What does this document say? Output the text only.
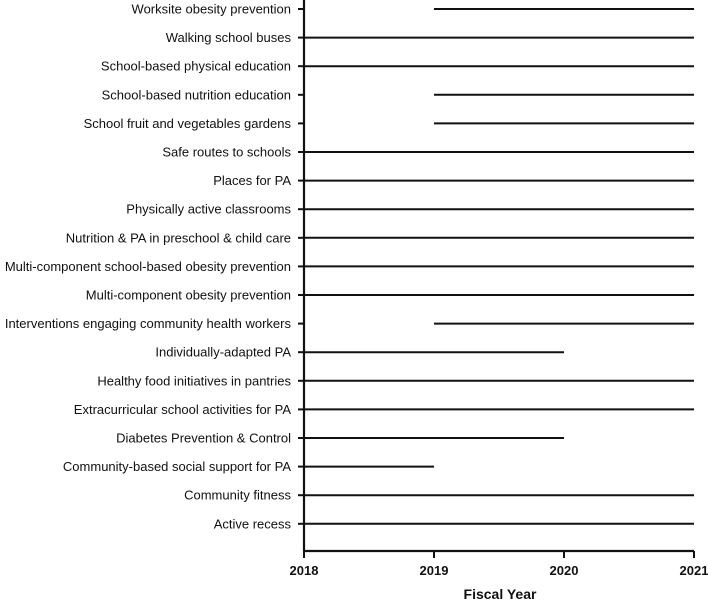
2018	2019	2020	2021
Worksite obesity prevention
Walking school buses
School-based physical education
School-based nutrition education
School fruit and vegetables gardens
Safe routes to schools
Places for PA
Physically active classrooms
Nutrition & PA in preschool & child care
Multi-component school-based obesity prevention
Multi-component obesity prevention
Interventions engaging community health workers
Individually-adapted PA
Healthy food initiatives in pantries
Extracurricular school activities for PA
Diabetes Prevention & Control
Community-based social support for PA
Community fitness
Active recess
Fiscal Year
